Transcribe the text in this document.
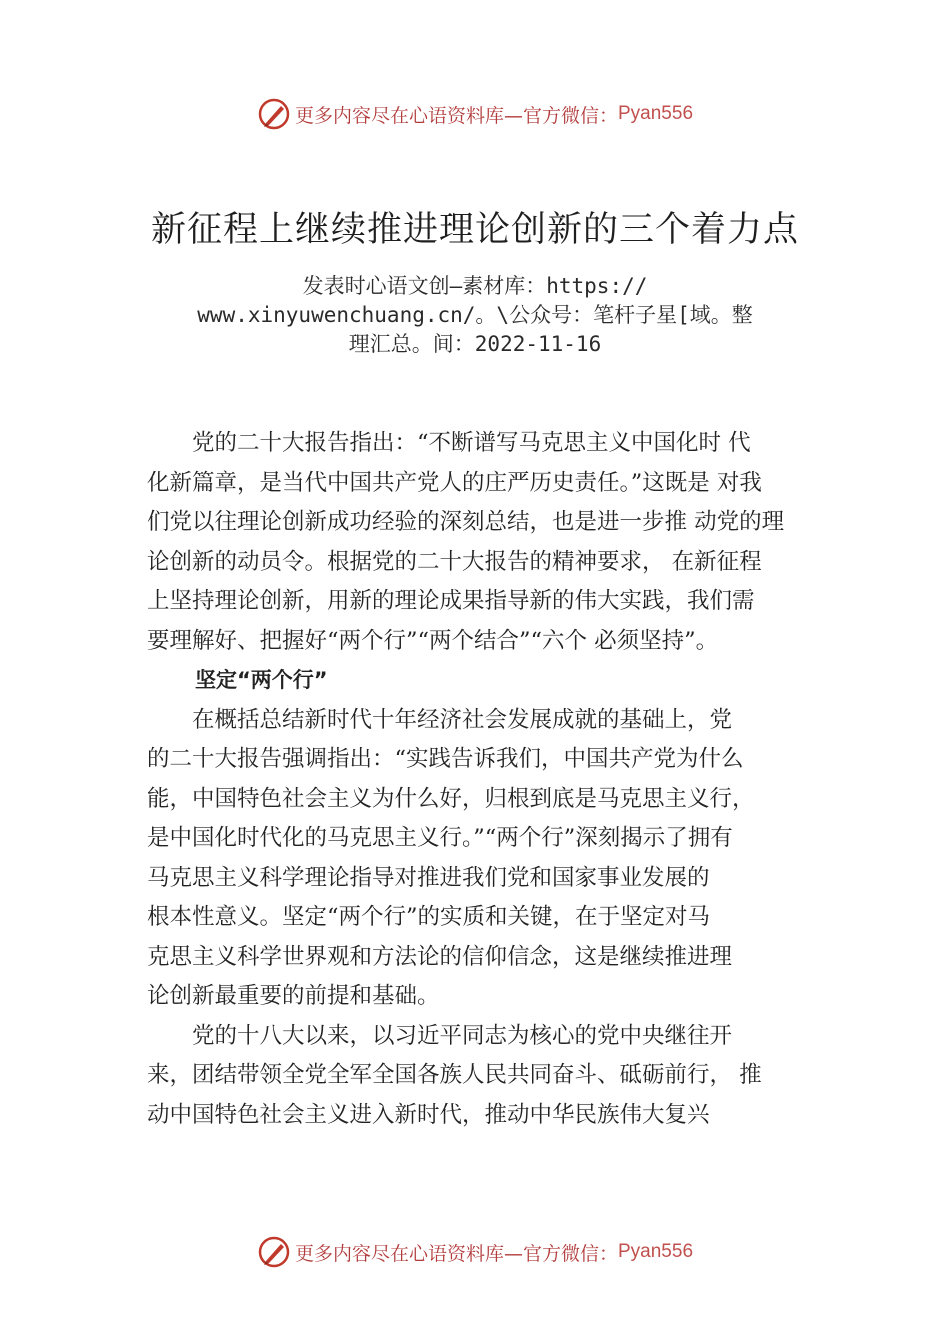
更多内容尽在心语资料库— 官方微信： Pyan556
新征程上继续推进理论创新的三个着力点
发表时心语文创—素材库：https://
www.xinyuwenchuang.cn/。\公众号：笔杆子星[域。整
理汇总。间：2022-11-16
　　党的二十大报告指出：“不断谱写马克思主义中国化时 代
化新篇章，是当代中国共产党人的庄严历史责任。”这既是 对我
们党以往理论创新成功经验的深刻总结，也是进一步推 动党的理
论创新的动员令。根据党的二十大报告的精神要求， 在新征程
上坚持理论创新，用新的理论成果指导新的伟大实践，我们需
要理解好、把握好“两个行”“两个结合”“六个 必须坚持”。
坚定“两个行”
　　在概括总结新时代十年经济社会发展成就的基础上，党
的二十大报告强调指出：“实践告诉我们，中国共产党为什么
能，中国特色社会主义为什么好，归根到底是马克思主义行，
是中国化时代化的马克思主义行。”“两个行”深刻揭示了拥有
马克思主义科学理论指导对推进我们党和国家事业发展的
根本性意义。坚定“两个行”的实质和关键，在于坚定对马
克思主义科学世界观和方法论的信仰信念，这是继续推进理
论创新最重要的前提和基础。
　　党的十八大以来，以习近平同志为核心的党中央继往开
来，团结带领全党全军全国各族人民共同奋斗、砥砺前行， 推
动中国特色社会主义进入新时代，推动中华民族伟大复兴
更多内容尽在心语资料库— 官方微信： Pyan556
